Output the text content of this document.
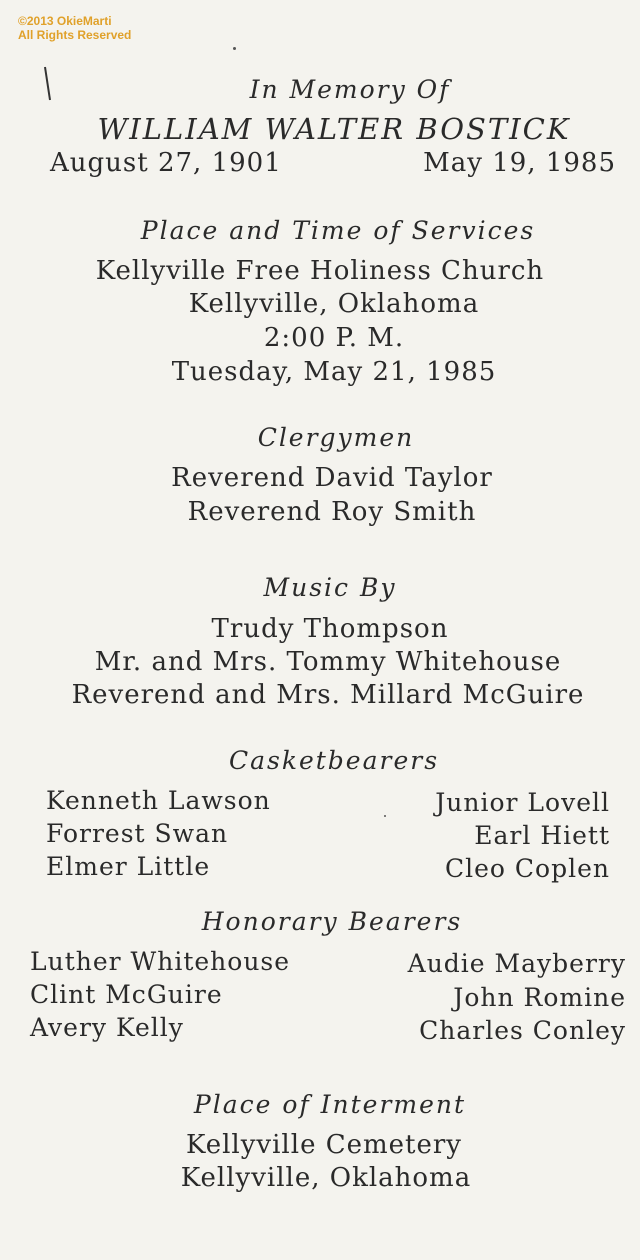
©2013 OkieMarti
All Rights Reserved
In Memory Of
WILLIAM WALTER BOSTICK
August 27, 1901	May 19, 1985
Place and Time of Services
Kellyville Free Holiness Church
Kellyville, Oklahoma
2:00 P. M.
Tuesday, May 21, 1985
Clergymen
Reverend David Taylor
Reverend Roy Smith
Music By
Trudy Thompson
Mr. and Mrs. Tommy Whitehouse
Reverend and Mrs. Millard McGuire
Casketbearers
Kenneth Lawson
Forrest Swan
Elmer Little
Junior Lovell
Earl Hiett
Cleo Coplen
Honorary Bearers
Luther Whitehouse
Clint McGuire
Avery Kelly
Audie Mayberry
John Romine
Charles Conley
Place of Interment
Kellyville Cemetery
Kellyville, Oklahoma
